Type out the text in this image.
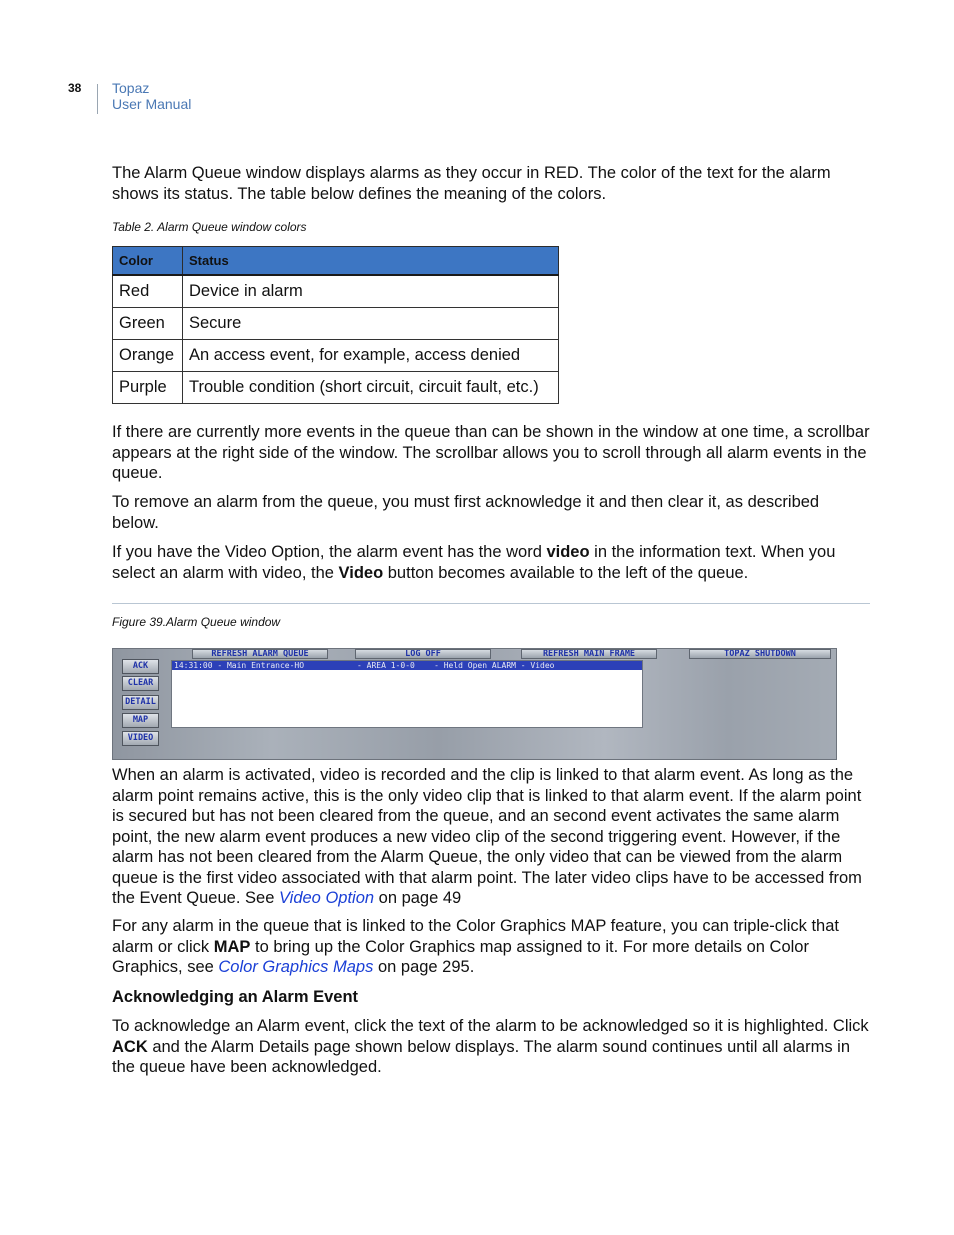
38 Topaz
User Manual

The Alarm Queue window displays alarms as they occur in RED. The color of the text for the alarm shows its status. The table below defines the meaning of the colors.

Table 2. Alarm Queue window colors
Color	Status
Red	Device in alarm
Green	Secure
Orange	An access event, for example, access denied
Purple	Trouble condition (short circuit, circuit fault, etc.)

If there are currently more events in the queue than can be shown in the window at one time, a scrollbar appears at the right side of the window. The scrollbar allows you to scroll through all alarm events in the queue.

To remove an alarm from the queue, you must first acknowledge it and then clear it, as described below.

If you have the Video Option, the alarm event has the word video in the information text. When you select an alarm with video, the Video button becomes available to the left of the queue.

Figure 39.Alarm Queue window
REFRESH ALARM QUEUE	LOG OFF	REFRESH MAIN FRAME	TOPAZ SHUTDOWN
ACK
CLEAR
DETAIL
MAP
VIDEO
14:31:00 - Main Entrance-HO           - AREA 1-0-0    - Held Open ALARM - Video

When an alarm is activated, video is recorded and the clip is linked to that alarm event. As long as the alarm point remains active, this is the only video clip that is linked to that alarm event. If the alarm point is secured but has not been cleared from the queue, and an second event activates the same alarm point, the new alarm event produces a new video clip of the second triggering event. However, if the alarm has not been cleared from the Alarm Queue, the only video that can be viewed from the alarm queue is the first video associated with that alarm point. The later video clips have to be accessed from the Event Queue. See Video Option on page 49

For any alarm in the queue that is linked to the Color Graphics MAP feature, you can triple-click that alarm or click MAP to bring up the Color Graphics map assigned to it. For more details on Color Graphics, see Color Graphics Maps on page 295.

Acknowledging an Alarm Event

To acknowledge an Alarm event, click the text of the alarm to be acknowledged so it is highlighted. Click ACK and the Alarm Details page shown below displays. The alarm sound continues until all alarms in the queue have been acknowledged.
